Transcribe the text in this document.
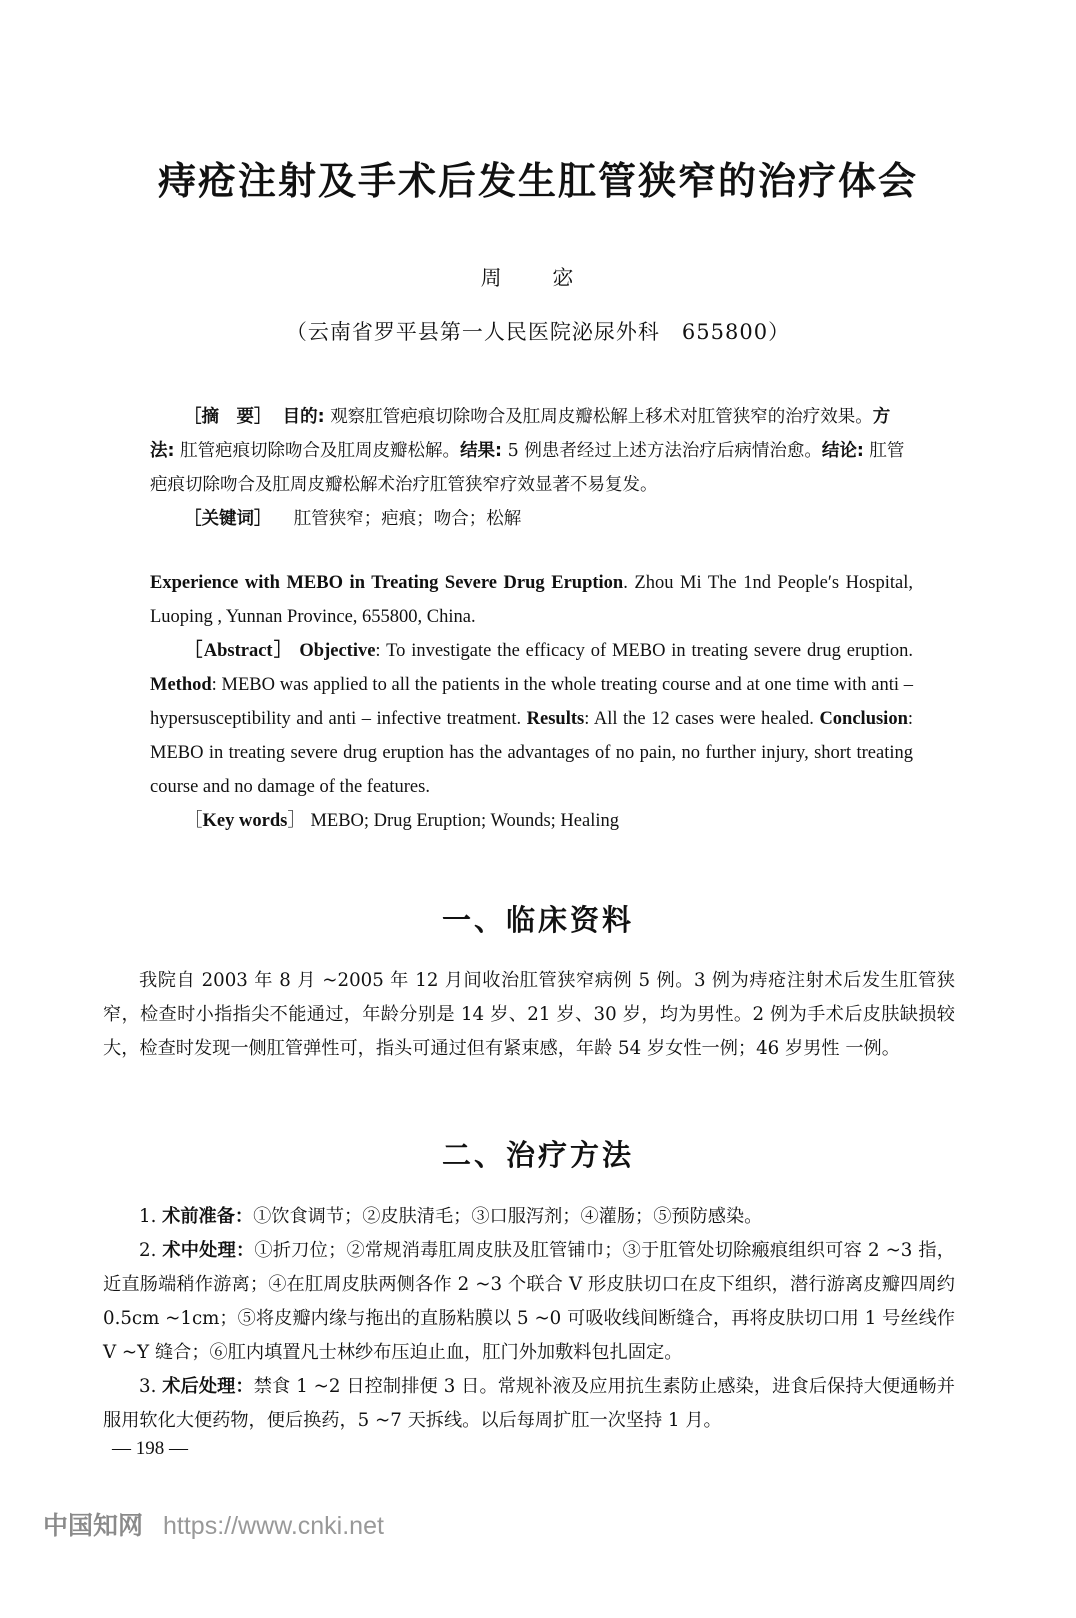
痔疮注射及手术后发生肛管狭窄的治疗体会
周 宓
（云南省罗平县第一人民医院泌尿外科　655800）

［摘　要］ 目的: 观察肛管疤痕切除吻合及肛周皮瓣松解上移术对肛管狭窄的治疗效果。方法: 肛管疤痕切除吻合及肛周皮瓣松解。结果: 5 例患者经过上述方法治疗后病情治愈。结论: 肛管疤痕切除吻合及肛周皮瓣松解术治疗肛管狭窄疗效显著不易复发。

［关键词］ 肛管狭窄；疤痕；吻合；松解

Experience with MEBO in Treating Severe Drug Eruption. Zhou Mi The 1nd People′s Hospital, Luoping , Yunnan Province, 655800, China.

［Abstract］ Objective: To investigate the efficacy of MEBO in treating severe drug eruption. Method: MEBO was applied to all the patients in the whole treating course and at one time with anti – hypersusceptibility and anti – infective treatment. Results: All the 12 cases were healed. Conclusion: MEBO in treating severe drug eruption has the advantages of no pain, no further injury, short treating course and no damage of the features.

［Key words］ MEBO; Drug Eruption; Wounds; Healing

一、临床资料

我院自 2003 年 8 月 ~2005 年 12 月间收治肛管狭窄病例 5 例。3 例为痔疮注射术后发生肛管狭窄，检查时小指指尖不能通过，年龄分别是 14 岁、21 岁、30 岁，均为男性。2 例为手术后皮肤缺损较大，检查时发现一侧肛管弹性可，指头可通过但有紧束感，年龄 54 岁女性一例；46 岁男性 一例。

二、治疗方法

1. 术前准备：①饮食调节；②皮肤清毛；③口服泻剂；④灌肠；⑤预防感染。

2. 术中处理：①折刀位；②常规消毒肛周皮肤及肛管铺巾；③于肛管处切除瘢痕组织可容 2 ~3 指，近直肠端稍作游离；④在肛周皮肤两侧各作 2 ~3 个联合 V 形皮肤切口在皮下组织，潜行游离皮瓣四周约 0.5cm ~1cm；⑤将皮瓣内缘与拖出的直肠粘膜以 5 ~0 可吸收线间断缝合，再将皮肤切口用 1 号丝线作 V ~Y 缝合；⑥肛内填置凡士林纱布压迫止血，肛门外加敷料包扎固定。

3. 术后处理：禁食 1 ~2 日控制排便 3 日。常规补液及应用抗生素防止感染，进食后保持大便通畅并服用软化大便药物，便后换药，5 ~7 天拆线。以后每周扩肛一次坚持 1 月。

— 198 —
中国知网 https://www.cnki.net
